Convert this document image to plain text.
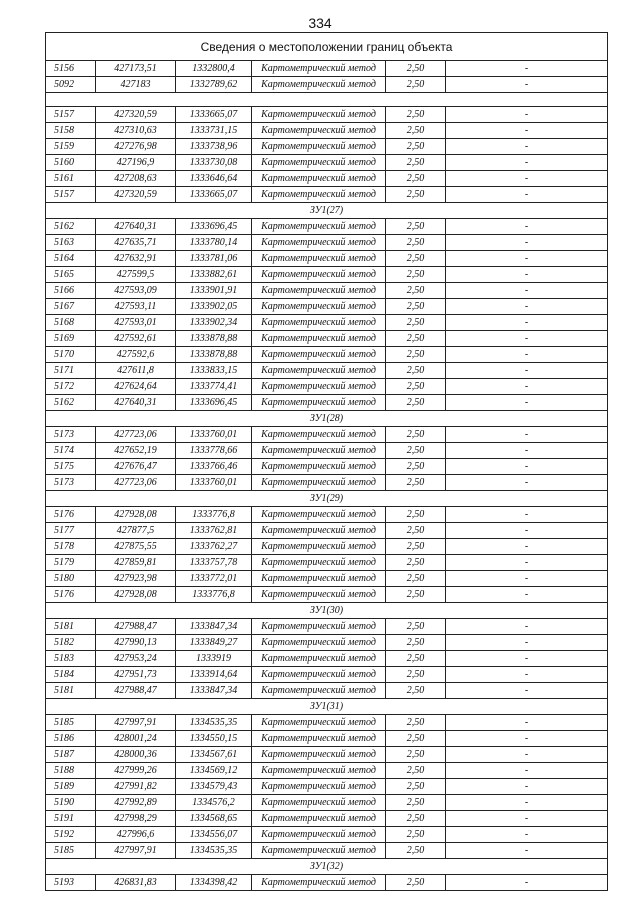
334
Сведения о местоположении границ объекта					
5156	427173,51	1332800,4	Картометрический метод	2,50	-
5092	427183	1332789,62	Картометрический метод	2,50	-

5157	427320,59	1333665,07	Картометрический метод	2,50	-
5158	427310,63	1333731,15	Картометрический метод	2,50	-
5159	427276,98	1333738,96	Картометрический метод	2,50	-
5160	427196,9	1333730,08	Картометрический метод	2,50	-
5161	427208,63	1333646,64	Картометрический метод	2,50	-
5157	427320,59	1333665,07	Картометрический метод	2,50	-
ЗУ1(27)					
5162	427640,31	1333696,45	Картометрический метод	2,50	-
5163	427635,71	1333780,14	Картометрический метод	2,50	-
5164	427632,91	1333781,06	Картометрический метод	2,50	-
5165	427599,5	1333882,61	Картометрический метод	2,50	-
5166	427593,09	1333901,91	Картометрический метод	2,50	-
5167	427593,11	1333902,05	Картометрический метод	2,50	-
5168	427593,01	1333902,34	Картометрический метод	2,50	-
5169	427592,61	1333878,88	Картометрический метод	2,50	-
5170	427592,6	1333878,88	Картометрический метод	2,50	-
5171	427611,8	1333833,15	Картометрический метод	2,50	-
5172	427624,64	1333774,41	Картометрический метод	2,50	-
5162	427640,31	1333696,45	Картометрический метод	2,50	-
ЗУ1(28)					
5173	427723,06	1333760,01	Картометрический метод	2,50	-
5174	427652,19	1333778,66	Картометрический метод	2,50	-
5175	427676,47	1333766,46	Картометрический метод	2,50	-
5173	427723,06	1333760,01	Картометрический метод	2,50	-
ЗУ1(29)					
5176	427928,08	1333776,8	Картометрический метод	2,50	-
5177	427877,5	1333762,81	Картометрический метод	2,50	-
5178	427875,55	1333762,27	Картометрический метод	2,50	-
5179	427859,81	1333757,78	Картометрический метод	2,50	-
5180	427923,98	1333772,01	Картометрический метод	2,50	-
5176	427928,08	1333776,8	Картометрический метод	2,50	-
ЗУ1(30)					
5181	427988,47	1333847,34	Картометрический метод	2,50	-
5182	427990,13	1333849,27	Картометрический метод	2,50	-
5183	427953,24	1333919	Картометрический метод	2,50	-
5184	427951,73	1333914,64	Картометрический метод	2,50	-
5181	427988,47	1333847,34	Картометрический метод	2,50	-
ЗУ1(31)					
5185	427997,91	1334535,35	Картометрический метод	2,50	-
5186	428001,24	1334550,15	Картометрический метод	2,50	-
5187	428000,36	1334567,61	Картометрический метод	2,50	-
5188	427999,26	1334569,12	Картометрический метод	2,50	-
5189	427991,82	1334579,43	Картометрический метод	2,50	-
5190	427992,89	1334576,2	Картометрический метод	2,50	-
5191	427998,29	1334568,65	Картометрический метод	2,50	-
5192	427996,6	1334556,07	Картометрический метод	2,50	-
5185	427997,91	1334535,35	Картометрический метод	2,50	-
ЗУ1(32)					
5193	426831,83	1334398,42	Картометрический метод	2,50	-
